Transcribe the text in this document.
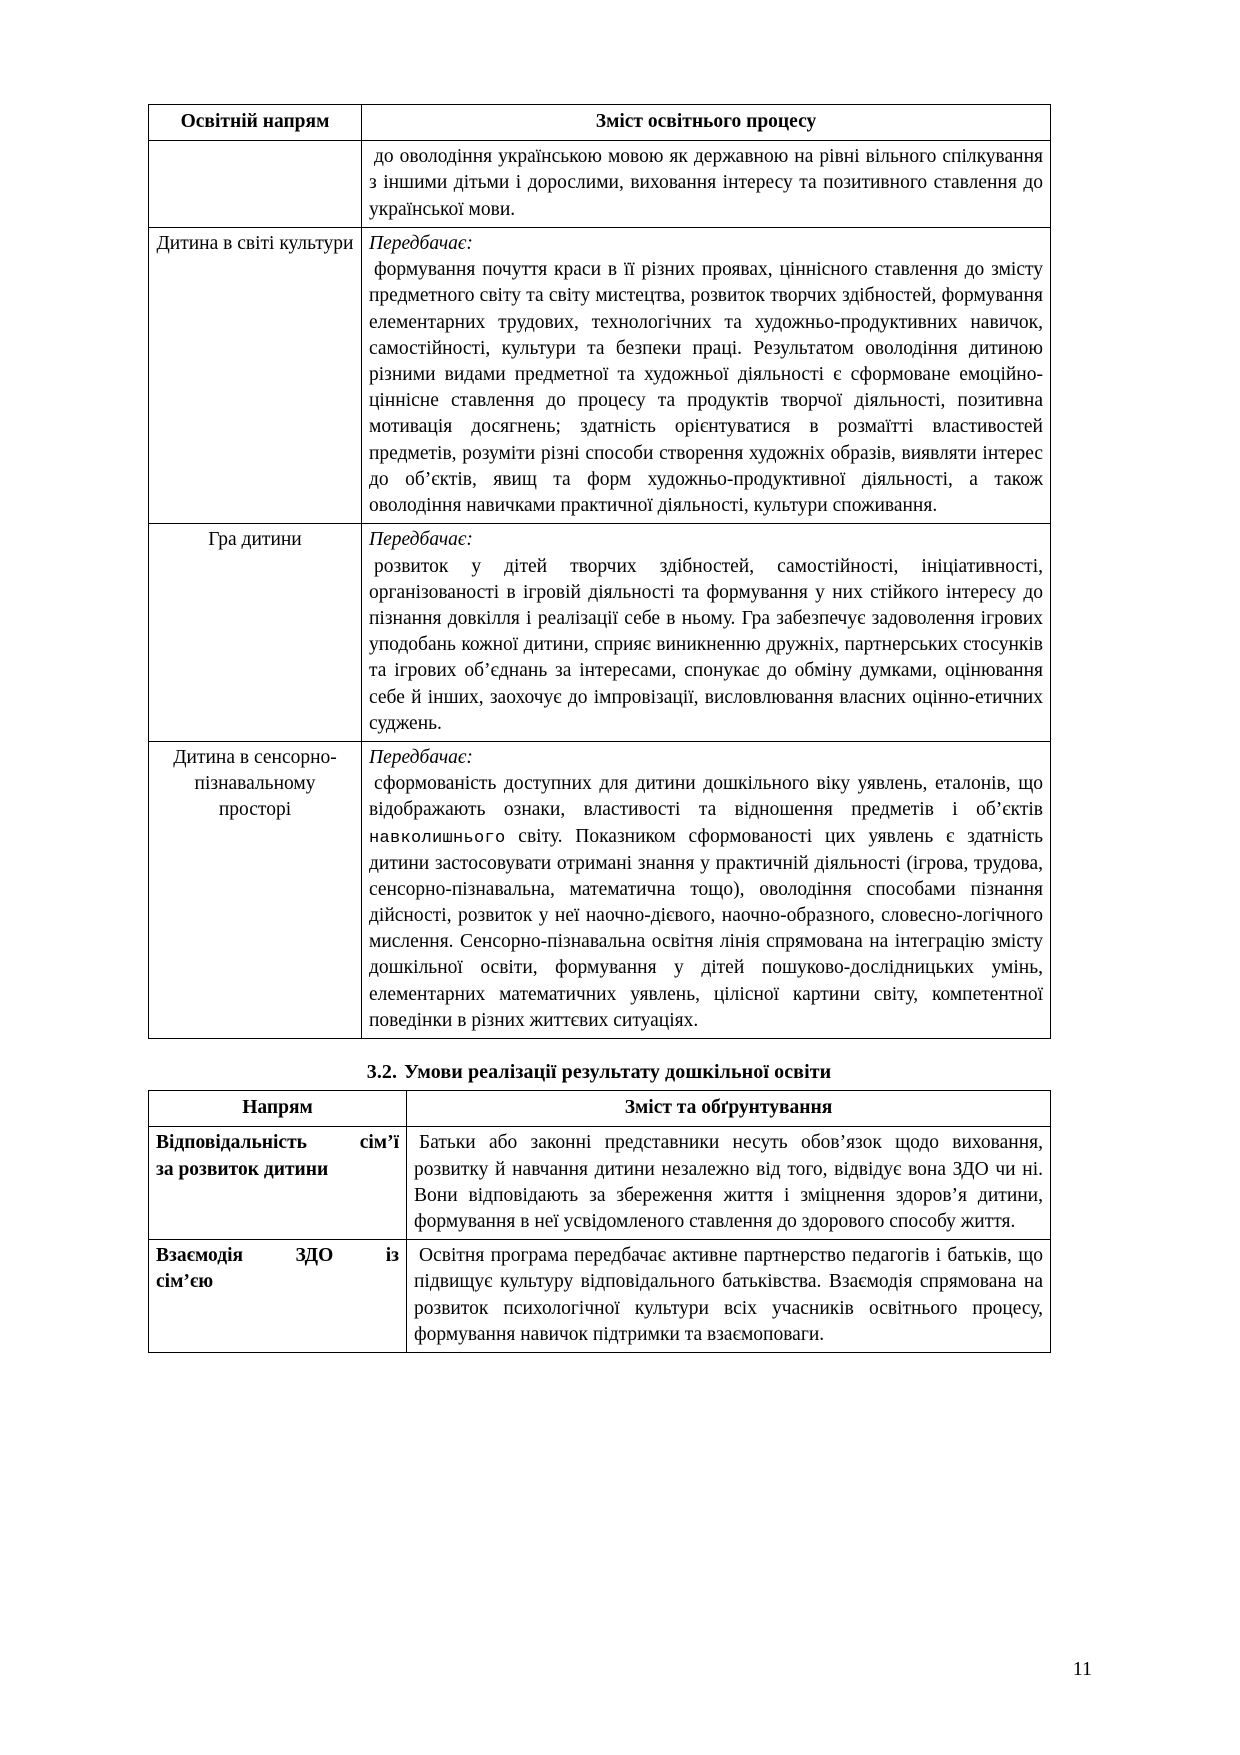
Освітній напрям	Зміст освітнього процесу

	до оволодіння українською мовою як державною на рівні вільного спілкування з іншими дітьми і дорослими, виховання інтересу та позитивного ставлення до української мови.

Дитина в світі культури	Передбачає:
формування почуття краси в її різних проявах, ціннісного ставлення до змісту предметного світу та світу мистецтва, розвиток творчих здібностей, формування елементарних трудових, технологічних та художньо-продуктивних навичок, самостійності, культури та безпеки праці. Результатом оволодіння дитиною різними видами предметної та художньої діяльності є сформоване емоційно-ціннісне ставлення до процесу та продуктів творчої діяльності, позитивна мотивація досягнень; здатність орієнтуватися в розмаїтті властивостей предметів, розуміти різні способи створення художніх образів, виявляти інтерес до об’єктів, явищ та форм художньо-продуктивної діяльності, а також оволодіння навичками практичної діяльності, культури споживання.

Гра дитини	Передбачає:
розвиток у дітей творчих здібностей, самостійності, ініціативності, організованості в ігровій діяльності та формування у них стійкого інтересу до пізнання довкілля і реалізації себе в ньому. Гра забезпечує задоволення ігрових уподобань кожної дитини, сприяє виникненню дружніх, партнерських стосунків та ігрових об’єднань за інтересами, спонукає до обміну думками, оцінювання себе й інших, заохочує до імпровізації, висловлювання власних оцінно-етичних суджень.

Дитина в сенсорно-пізнавальному просторі	Передбачає:
сформованість доступних для дитини дошкільного віку уявлень, еталонів, що відображають ознаки, властивості та відношення предметів і об’єктів навколишнього світу. Показником сформованості цих уявлень є здатність дитини застосовувати отримані знання у практичній діяльності (ігрова, трудова, сенсорно-пізнавальна, математична тощо), оволодіння способами пізнання дійсності, розвиток у неї наочно-дієвого, наочно-образного, словесно-логічного мислення. Сенсорно-пізнавальна освітня лінія спрямована на інтеграцію змісту дошкільної освіти, формування у дітей пошуково-дослідницьких умінь, елементарних математичних уявлень, цілісної картини світу, компетентної поведінки в різних життєвих ситуаціях.
3.2. Умови реалізації результату дошкільної освіти
Напрям	Зміст та обґрунтування
Відповідальність сім’ї
за розвиток дитини	Батьки або законні представники несуть обов’язок щодо виховання, розвитку й навчання дитини незалежно від того, відвідує вона ЗДО чи ні. Вони відповідають за збереження життя і зміцнення здоров’я дитини, формування в неї усвідомленого ставлення до здорового способу життя.

Взаємодія ЗДО із
сім’єю	Освітня програма передбачає активне партнерство педагогів і батьків, що підвищує культуру відповідального батьківства. Взаємодія спрямована на розвиток психологічної культури всіх учасників освітнього процесу, формування навичок підтримки та взаємоповаги.
11
